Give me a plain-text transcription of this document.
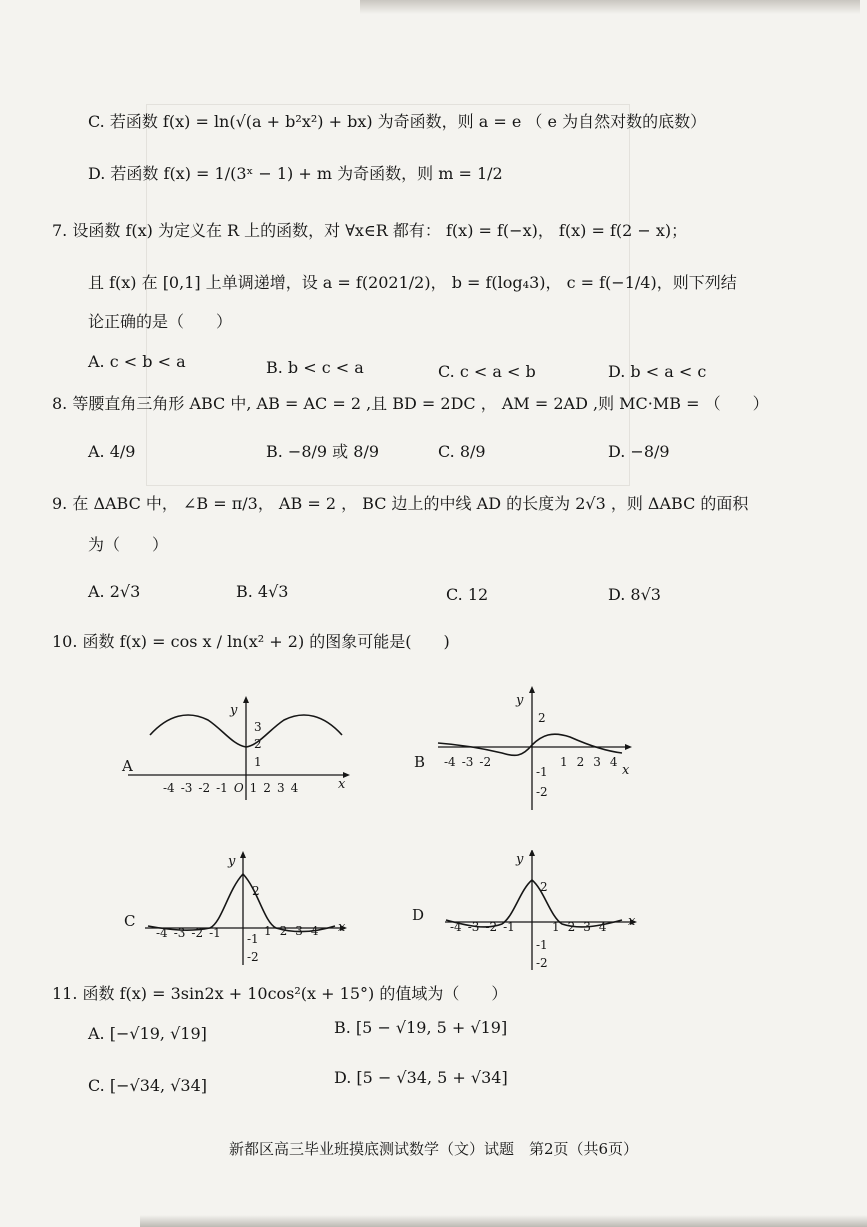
C. 若函数 f(x) = ln(√(a + b²x²) + bx) 为奇函数，则 a = e （ e 为自然对数的底数）
D. 若函数 f(x) = 1/(3ˣ − 1) + m 为奇函数，则 m = 1/2
7. 设函数 f(x) 为定义在 R 上的函数，对 ∀x∈R 都有： f(x) = f(−x)， f(x) = f(2 − x)；
且 f(x) 在 [0,1] 上单调递增，设 a = f(2021/2)， b = f(log₄3)， c = f(−1/4)，则下列结
论正确的是（　　）
A. c < b < a	B. b < c < a	C. c < a < b	D. b < a < c
8. 等腰直角三角形 ABC 中, AB = AC = 2 ,且 BD = 2DC ， AM = 2AD ,则 MC·MB = （　　）
A. 4/9	B. −8/9 或 8/9	C. 8/9	D. −8/9
9. 在 ΔABC 中， ∠B = π/3， AB = 2 ， BC 边上的中线 AD 的长度为 2√3 ，则 ΔABC 的面积
为（　　）
A. 2√3	B. 4√3	C. 12	D. 8√3
10. 函数 f(x) = cos x / ln(x² + 2) 的图象可能是(　　)
A
y
x
3
2
1
-4 -3 -2 -1 O 1 2 3 4
B
y
x
2
-1
-2
-4 -3 -2	1 2 3 4
C
y
x
2
-1
-2
-4 -3 -2 -1	1 2 3 4
D
y
x
2
-1
-2
-4 -3 -2 -1	1 2 3 4
11. 函数 f(x) = 3sin2x + 10cos²(x + 15°) 的值域为（　　）
A. [−√19, √19]	B. [5 − √19, 5 + √19]
C. [−√34, √34]	D. [5 − √34, 5 + √34]
新都区高三毕业班摸底测试数学（文）试题　第2页（共6页）
